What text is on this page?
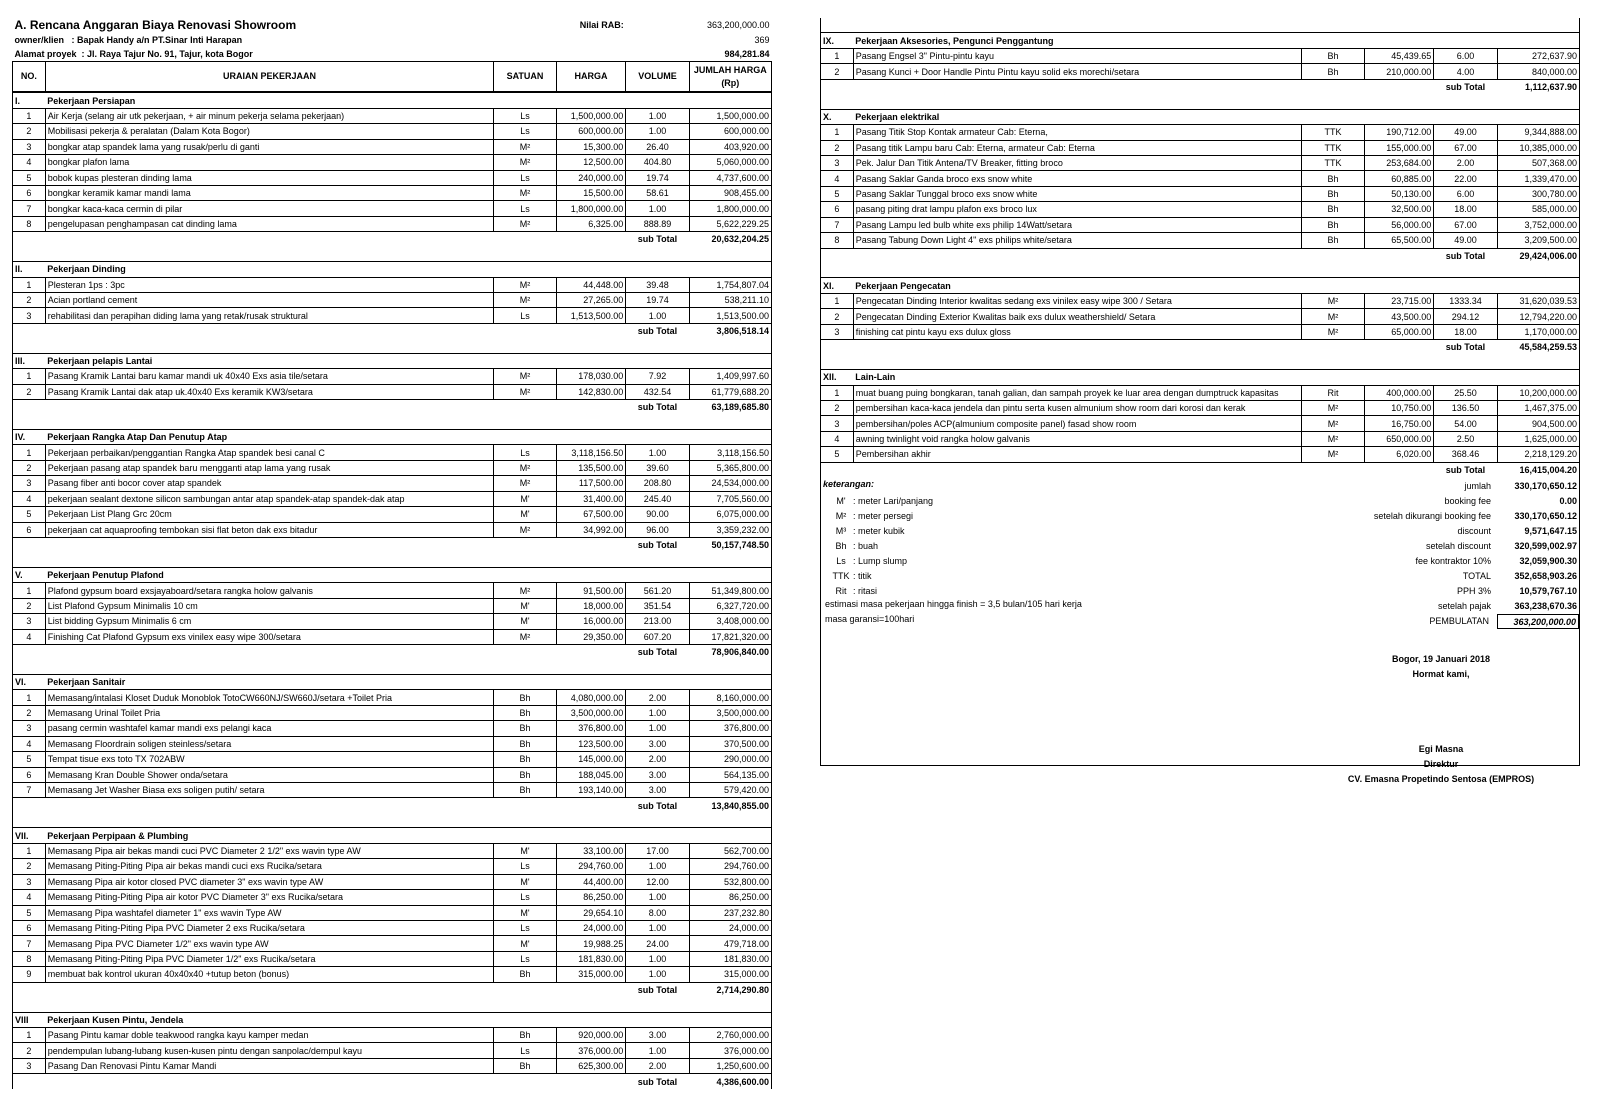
A. Rencana Anggaran Biaya Renovasi Showroom			Nilai RAB:	363,200,000.00	
owner/klien : Bapak Handy a/n PT.Sinar Inti Harapan					369
Alamat proyek : Jl. Raya Tajur No. 91, Tajur, kota Bogor					984,281.84
NO.	URAIAN PEKERJAAN	SATUAN	HARGA	VOLUME	JUMLAH HARGA (Rp)
I.	Pekerjaan Persiapan				
1	Air Kerja (selang air utk pekerjaan, + air minum pekerja selama pekerjaan)	Ls	1,500,000.00	1.00	1,500,000.00
2	Mobilisasi pekerja & peralatan (Dalam Kota Bogor)	Ls	600,000.00	1.00	600,000.00
3	bongkar atap spandek lama yang rusak/perlu di ganti	M²	15,300.00	26.40	403,920.00
4	bongkar plafon lama	M²	12,500.00	404.80	5,060,000.00
5	bobok kupas plesteran dinding lama	Ls	240,000.00	19.74	4,737,600.00
6	bongkar keramik kamar mandi lama	M²	15,500.00	58.61	908,455.00
7	bongkar kaca-kaca cermin di pilar	Ls	1,800,000.00	1.00	1,800,000.00
8	pengelupasan penghampasan cat dinding lama	M²	6,325.00	888.89	5,622,229.25
				sub Total	20,632,204.25

II.	Pekerjaan Dinding				
1	Plesteran 1ps : 3pc	M²	44,448.00	39.48	1,754,807.04
2	Acian portland cement	M²	27,265.00	19.74	538,211.10
3	rehabilitasi dan perapihan diding lama yang retak/rusak struktural	Ls	1,513,500.00	1.00	1,513,500.00
				sub Total	3,806,518.14

III.	Pekerjaan pelapis Lantai				
1	Pasang Kramik Lantai baru kamar mandi uk 40x40 Exs asia tile/setara	M²	178,030.00	7.92	1,409,997.60
2	Pasang Kramik Lantai dak atap uk.40x40 Exs keramik KW3/setara	M²	142,830.00	432.54	61,779,688.20
				sub Total	63,189,685.80

IV.	Pekerjaan Rangka Atap Dan Penutup Atap				
1	Pekerjaan perbaikan/penggantian Rangka Atap spandek besi canal C	Ls	3,118,156.50	1.00	3,118,156.50
2	Pekerjaan pasang atap spandek baru mengganti atap lama yang rusak	M²	135,500.00	39.60	5,365,800.00
3	Pasang fiber anti bocor cover atap spandek	M²	117,500.00	208.80	24,534,000.00
4	pekerjaan sealant dextone silicon sambungan antar atap spandek-atap spandek-dak atap	M'	31,400.00	245.40	7,705,560.00
5	Pekerjaan List Plang Grc 20cm	M'	67,500.00	90.00	6,075,000.00
6	pekerjaan cat aquaproofing tembokan sisi flat beton dak exs bitadur	M²	34,992.00	96.00	3,359,232.00
				sub Total	50,157,748.50

V.	Pekerjaan Penutup Plafond				
1	Plafond gypsum board exsjayaboard/setara rangka holow galvanis	M²	91,500.00	561.20	51,349,800.00
2	List Plafond Gypsum Minimalis 10 cm	M'	18,000.00	351.54	6,327,720.00
3	List bidding Gypsum Minimalis 6 cm	M'	16,000.00	213.00	3,408,000.00
4	Finishing Cat Plafond Gypsum exs vinilex easy wipe 300/setara	M²	29,350.00	607.20	17,821,320.00
				sub Total	78,906,840.00

VI.	Pekerjaan Sanitair				
1	Memasang/intalasi Kloset Duduk Monoblok TotoCW660NJ/SW660J/setara +Toilet Pria	Bh	4,080,000.00	2.00	8,160,000.00
2	Memasang Urinal Toilet Pria	Bh	3,500,000.00	1.00	3,500,000.00
3	pasang cermin washtafel kamar mandi exs pelangi kaca	Bh	376,800.00	1.00	376,800.00
4	Memasang Floordrain soligen steinless/setara	Bh	123,500.00	3.00	370,500.00
5	Tempat tisue exs toto TX 702ABW	Bh	145,000.00	2.00	290,000.00
6	Memasang Kran Double Shower onda/setara	Bh	188,045.00	3.00	564,135.00
7	Memasang Jet Washer Biasa exs soligen putih/ setara	Bh	193,140.00	3.00	579,420.00
				sub Total	13,840,855.00

VII.	Pekerjaan Perpipaan & Plumbing				
1	Memasang Pipa air bekas mandi cuci PVC Diameter 2 1/2" exs wavin type AW	M'	33,100.00	17.00	562,700.00
2	Memasang Piting-Piting Pipa air bekas mandi cuci exs Rucika/setara	Ls	294,760.00	1.00	294,760.00
3	Memasang Pipa air kotor closed PVC diameter 3" exs wavin type AW	M'	44,400.00	12.00	532,800.00
4	Memasang Piting-Piting Pipa air kotor PVC Diameter 3" exs Rucika/setara	Ls	86,250.00	1.00	86,250.00
5	Memasang Pipa washtafel diameter 1" exs wavin Type AW	M'	29,654.10	8.00	237,232.80
6	Memasang Piting-Piting Pipa PVC Diameter 2 exs Rucika/setara	Ls	24,000.00	1.00	24,000.00
7	Memasang Pipa PVC Diameter 1/2" exs wavin type AW	M'	19,988.25	24.00	479,718.00
8	Memasang Piting-Piting Pipa PVC Diameter 1/2" exs Rucika/setara	Ls	181,830.00	1.00	181,830.00
9	membuat bak kontrol ukuran 40x40x40 +tutup beton (bonus)	Bh	315,000.00	1.00	315,000.00
				sub Total	2,714,290.80

VIII	Pekerjaan Kusen Pintu, Jendela				
1	Pasang Pintu kamar doble teakwood rangka kayu kamper medan	Bh	920,000.00	3.00	2,760,000.00
2	pendempulan lubang-lubang kusen-kusen pintu dengan sanpolac/dempul kayu	Ls	376,000.00	1.00	376,000.00
3	Pasang Dan Renovasi Pintu Kamar Mandi	Bh	625,300.00	2.00	1,250,600.00
				sub Total	4,386,600.00

IX.	Pekerjaan Aksesories, Pengunci Penggantung				
1	Pasang Engsel 3" Pintu-pintu kayu	Bh	45,439.65	6.00	272,637.90
2	Pasang Kunci + Door Handle Pintu Pintu kayu solid eks morechi/setara	Bh	210,000.00	4.00	840,000.00
				sub Total	1,112,637.90

X.	Pekerjaan elektrikal				
1	Pasang Titik Stop Kontak armateur Cab: Eterna,	TTK	190,712.00	49.00	9,344,888.00
2	Pasang titik Lampu baru Cab: Eterna, armateur Cab: Eterna	TTK	155,000.00	67.00	10,385,000.00
3	Pek. Jalur Dan Titik Antena/TV Breaker, fitting broco	TTK	253,684.00	2.00	507,368.00
4	Pasang Saklar Ganda broco exs snow white	Bh	60,885.00	22.00	1,339,470.00
5	Pasang Saklar Tunggal broco exs snow white	Bh	50,130.00	6.00	300,780.00
6	pasang piting drat lampu plafon exs broco lux	Bh	32,500.00	18.00	585,000.00
7	Pasang Lampu led bulb white exs philip 14Watt/setara	Bh	56,000.00	67.00	3,752,000.00
8	Pasang Tabung Down Light 4" exs philips white/setara	Bh	65,500.00	49.00	3,209,500.00
				sub Total	29,424,006.00

XI.	Pekerjaan Pengecatan				
1	Pengecatan Dinding Interior kwalitas sedang exs vinilex easy wipe 300 / Setara	M²	23,715.00	1333.34	31,620,039.53
2	Pengecatan Dinding Exterior Kwalitas baik exs dulux weathershield/ Setara	M²	43,500.00	294.12	12,794,220.00
3	finishing cat pintu kayu exs dulux gloss	M²	65,000.00	18.00	1,170,000.00
				sub Total	45,584,259.53

XII.	Lain-Lain				
1	muat buang puing bongkaran, tanah galian, dan sampah proyek ke luar area dengan dumptruck kapasitas	Rit	400,000.00	25.50	10,200,000.00
2	pembersihan kaca-kaca jendela dan pintu serta kusen almunium show room dari korosi dan kerak	M²	10,750.00	136.50	1,467,375.00
3	pembersihan/poles ACP(almunium composite panel) fasad show room	M²	16,750.00	54.00	904,500.00
4	awning twinlight void rangka holow galvanis	M²	650,000.00	2.50	1,625,000.00
5	Pembersihan akhir	M²	6,020.00	368.46	2,218,129.20
				sub Total	16,415,004.20
keterangan:
M' : meter Lari/panjang
M² : meter persegi
M³ : meter kubik
Bh : buah
Ls : Lump slump
TTK : titik
Rit : ritasi
estimasi masa pekerjaan hingga finish = 3,5 bulan/105 hari kerja
masa garansi=100hari
jumlah	330,170,650.12
booking fee	0.00
setelah dikurangi booking fee	330,170,650.12
discount	9,571,647.15
setelah discount	320,599,002.97
fee kontraktor 10%	32,059,900.30
TOTAL	352,658,903.26
PPH 3%	10,579,767.10
setelah pajak	363,238,670.36
PEMBULATAN	363,200,000.00
Bogor, 19 Januari 2018
Hormat kami,
Egi Masna
Direktur
CV. Emasna Propetindo Sentosa (EMPROS)
